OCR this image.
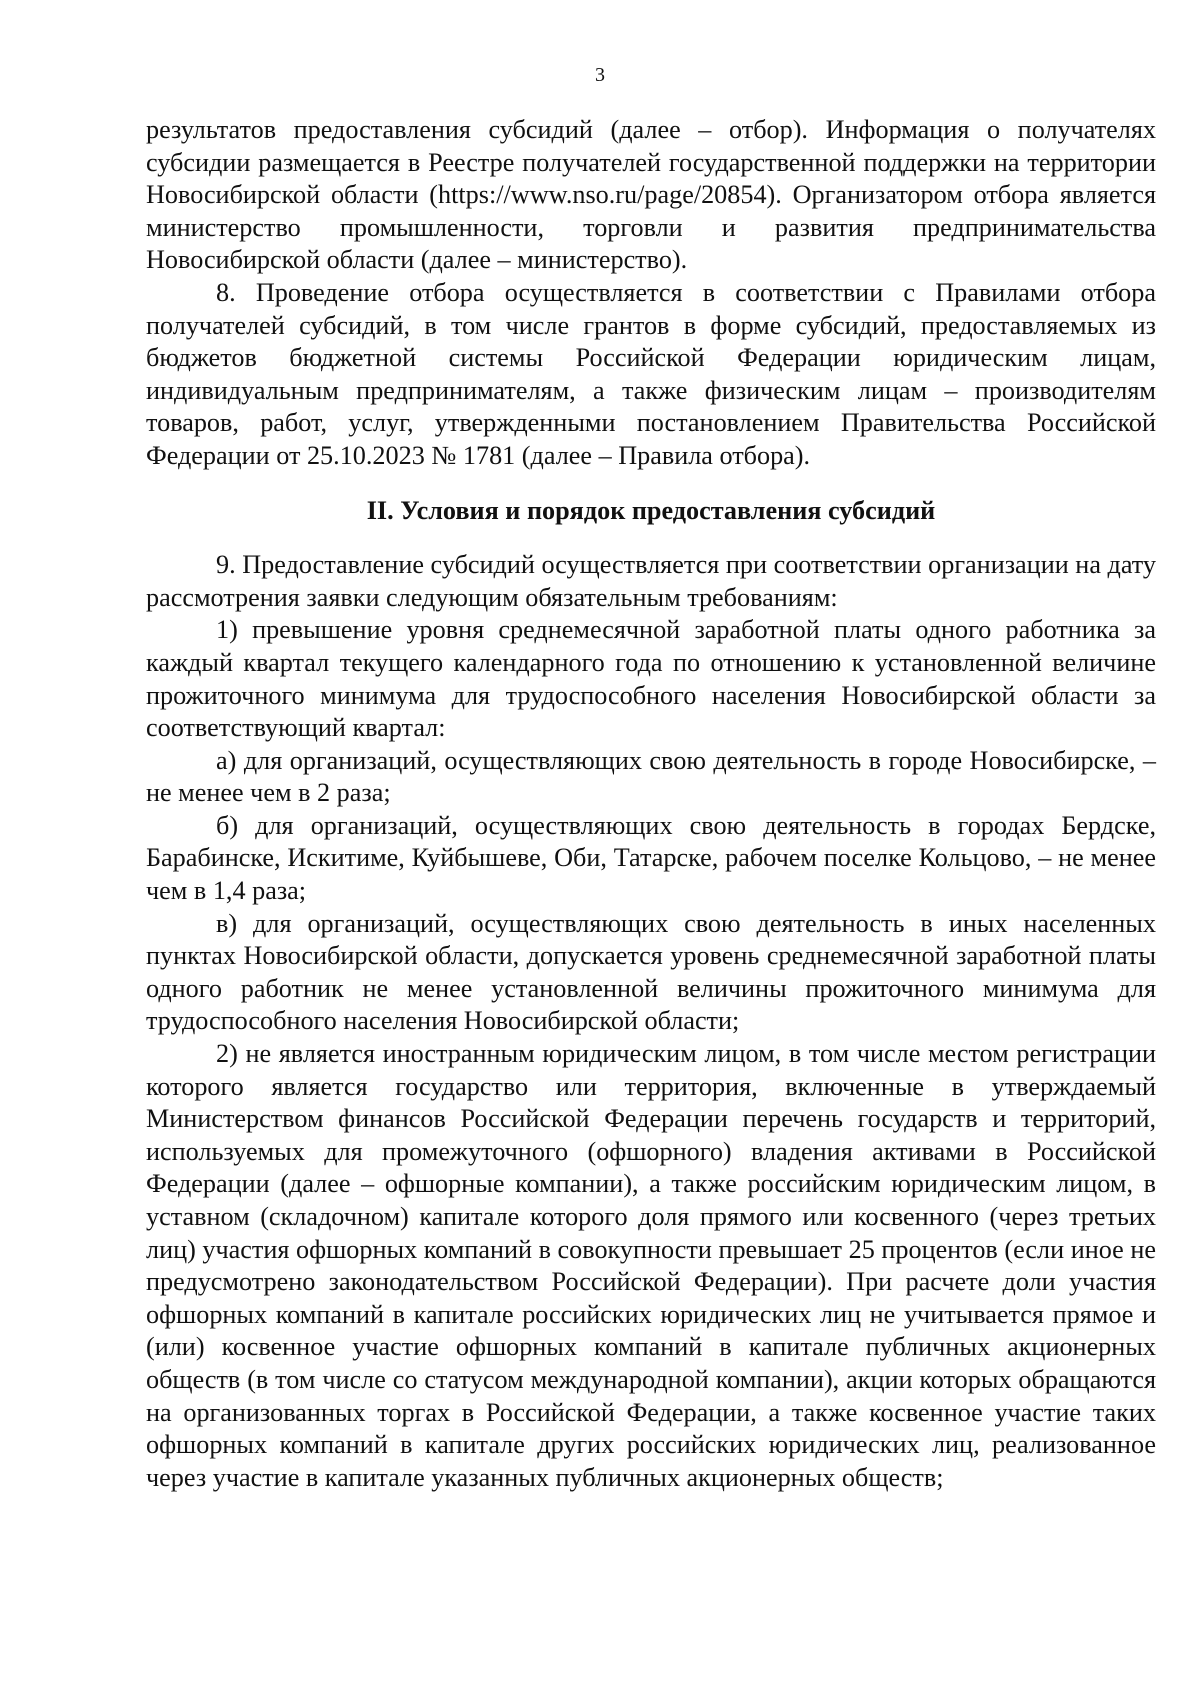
3

результатов предоставления субсидий (далее – отбор). Информация о получателях субсидии размещается в Реестре получателей государственной поддержки на территории Новосибирской области (https://www.nso.ru/page/20854). Организатором отбора является министерство промышленности, торговли и развития предпринимательства Новосибирской области (далее – министерство).

8. Проведение отбора осуществляется в соответствии с Правилами отбора получателей субсидий, в том числе грантов в форме субсидий, предоставляемых из бюджетов бюджетной системы Российской Федерации юридическим лицам, индивидуальным предпринимателям, а также физическим лицам – производителям товаров, работ, услуг, утвержденными постановлением Правительства Российской Федерации от 25.10.2023 № 1781 (далее – Правила отбора).

II. Условия и порядок предоставления субсидий

9. Предоставление субсидий осуществляется при соответствии организации на дату рассмотрения заявки следующим обязательным требованиям:

1) превышение уровня среднемесячной заработной платы одного работника за каждый квартал текущего календарного года по отношению к установленной величине прожиточного минимума для трудоспособного населения Новосибирской области за соответствующий квартал:

а) для организаций, осуществляющих свою деятельность в городе Новосибирске, – не менее чем в 2 раза;

б) для организаций, осуществляющих свою деятельность в городах Бердске, Барабинске, Искитиме, Куйбышеве, Оби, Татарске, рабочем поселке Кольцово, – не менее чем в 1,4 раза;

в) для организаций, осуществляющих свою деятельность в иных населенных пунктах Новосибирской области, допускается уровень среднемесячной заработной платы одного работник не менее установленной величины прожиточного минимума для трудоспособного населения Новосибирской области;

2) не является иностранным юридическим лицом, в том числе местом регистрации которого является государство или территория, включенные в утверждаемый Министерством финансов Российской Федерации перечень государств и территорий, используемых для промежуточного (офшорного) владения активами в Российской Федерации (далее – офшорные компании), а также российским юридическим лицом, в уставном (складочном) капитале которого доля прямого или косвенного (через третьих лиц) участия офшорных компаний в совокупности превышает 25 процентов (если иное не предусмотрено законодательством Российской Федерации). При расчете доли участия офшорных компаний в капитале российских юридических лиц не учитывается прямое и (или) косвенное участие офшорных компаний в капитале публичных акционерных обществ (в том числе со статусом международной компании), акции которых обращаются на организованных торгах в Российской Федерации, а также косвенное участие таких офшорных компаний в капитале других российских юридических лиц, реализованное через участие в капитале указанных публичных акционерных обществ;
